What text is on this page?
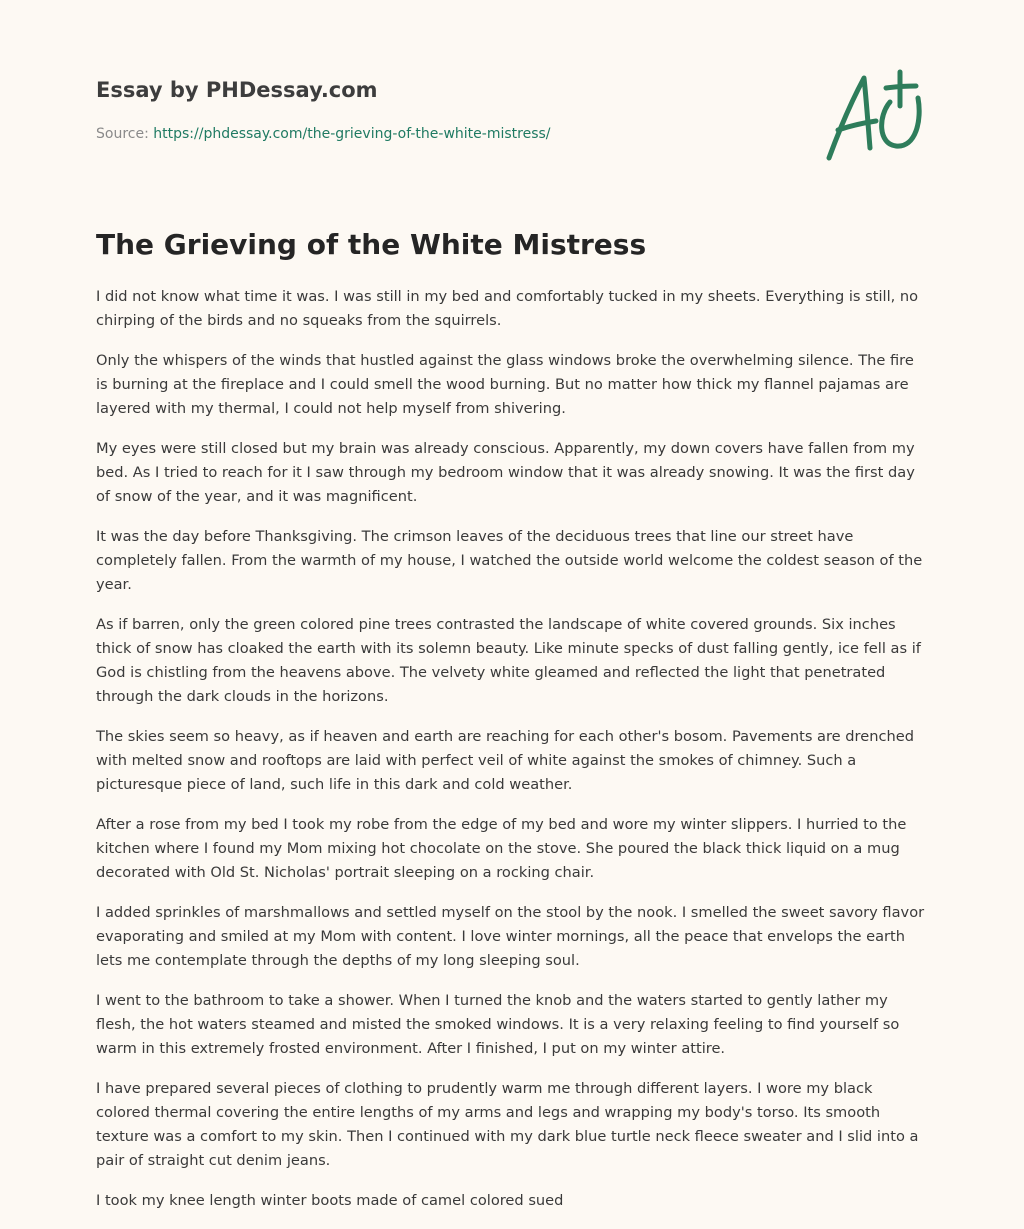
Essay by PHDessay.com
Source: https://phdessay.com/the-grieving-of-the-white-mistress/
The Grieving of the White Mistress

I did not know what time it was. I was still in my bed and comfortably tucked in my sheets. Everything is still, no chirping of the birds and no squeaks from the squirrels.

Only the whispers of the winds that hustled against the glass windows broke the overwhelming silence. The fire is burning at the fireplace and I could smell the wood burning. But no matter how thick my flannel pajamas are layered with my thermal, I could not help myself from shivering.

My eyes were still closed but my brain was already conscious. Apparently, my down covers have fallen from my bed. As I tried to reach for it I saw through my bedroom window that it was already snowing. It was the first day of snow of the year, and it was magnificent.

It was the day before Thanksgiving. The crimson leaves of the deciduous trees that line our street have completely fallen. From the warmth of my house, I watched the outside world welcome the coldest season of the year.

As if barren, only the green colored pine trees contrasted the landscape of white covered grounds. Six inches thick of snow has cloaked the earth with its solemn beauty. Like minute specks of dust falling gently, ice fell as if God is chistling from the heavens above. The velvety white gleamed and reflected the light that penetrated through the dark clouds in the horizons.

The skies seem so heavy, as if heaven and earth are reaching for each other's bosom. Pavements are drenched with melted snow and rooftops are laid with perfect veil of white against the smokes of chimney. Such a picturesque piece of land, such life in this dark and cold weather.

After a rose from my bed I took my robe from the edge of my bed and wore my winter slippers. I hurried to the kitchen where I found my Mom mixing hot chocolate on the stove. She poured the black thick liquid on a mug decorated with Old St. Nicholas' portrait sleeping on a rocking chair.

I added sprinkles of marshmallows and settled myself on the stool by the nook. I smelled the sweet savory flavor evaporating and smiled at my Mom with content. I love winter mornings, all the peace that envelops the earth lets me contemplate through the depths of my long sleeping soul.

I went to the bathroom to take a shower. When I turned the knob and the waters started to gently lather my flesh, the hot waters steamed and misted the smoked windows. It is a very relaxing feeling to find yourself so warm in this extremely frosted environment. After I finished, I put on my winter attire.

I have prepared several pieces of clothing to prudently warm me through different layers. I wore my black colored thermal covering the entire lengths of my arms and legs and wrapping my body's torso. Its smooth texture was a comfort to my skin. Then I continued with my dark blue turtle neck fleece sweater and I slid into a pair of straight cut denim jeans.

I took my knee length winter boots made of camel colored sued
